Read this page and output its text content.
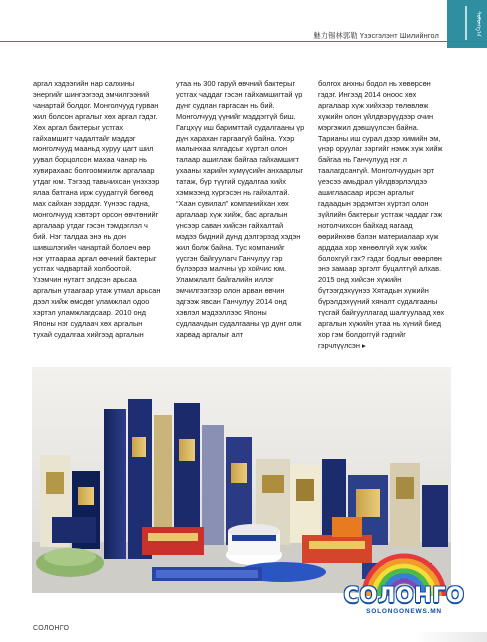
ᠰᠣᠯᠣᠩᠭ᠎ᠠ
魅力锡林郭勒 Үзэсгэлэнт Шилийнгол

аргал хэдээгийн нар салхины энергийг шингээгээд эмчилгээний чанартай болдог. Монголчууд гурван жил болсон аргалыг хөх аргал гэдэг. Хөх аргал бактерыг устгах гайхамшигт чадалтайг мэддэг монголчууд мааньд хуруу цагт шил уувал борцолсон махаа чанар нь хувирахаас болгоомжилж аргалаар утдаг юм. Тэгээд тавьчихсан үнэхээр ялаа батганa ирж суудаггүй бөгөөд мах сайхан ээрддэг. Үүнээс гадна, монголчууд хэвтэрт орсон өвчтөнийг аргалаар утдаг гэсэн тэмдэглэл ч бий. Нэг талдаа энэ нь дон шившлэгийн чанартай болоеч өөр нэг утгаараа аргал өөчний бактерыг устгах чадвартай холбоотой. Үзэмчин нутагт элдсэн арьсаа аргалын утаагаар утаж утмал арьсан дээл хийж өмсдөг уламжлал одоо хэртэл уламжлагдсаар. 2010 онд Японы нэг судлаач хөх аргалын тухай судалгаа хийгээд аргалын

утаа нь 300 гаруй өвчний бактерыг устгах чаддаг гэсэн гайхамшигтай үр дүнг судлан гаргасан нь бий. Монголчууд үүнийг мэддэггүй биш. Гагцхүү иш баримттай судалгааны үр дүн харахан гаргаагүй байна. Үхэр малынхаа ялгадсыг хүртэл олон талаар ашиглаж байгаа гайхамшигт ухааны харийн хүмүүсийн анхаарлыг татаж, бүр түүгий судалгаа хийх хэмжээнд хүргэсэн нь гайхалтай. “Хаан сувилал” компанийхан хөх аргалаар хүж хийж, бас аргалын үнсээр саван хийсэн гайхалтай мэдээ бидний дунд дэлгэрээд хэдэн жил болж байна. Тус компанийг үүсгэн байгуулагч Ганчулуу гэр бүлээрээ малчны үр хойчис юм. Уламжлалт байгалийн иллэг эмчилгээгээр олон арван өвчин эдгээж явсан Ганчулуу 2014 онд хэвлэл мэдээллээс Японы судлаачдын судалгааны үр дүнг олж харвад аргалыг алт

болгох анхны бодол нь хөвөрсөн гэдэг. Ингээд 2014 оноос хөх аргалаар хүж хийхээр төлөвлөж хүжийн олон үйлдвэрүүдээр очин мэргэжил дэвшүүлсэн байна. Тарианы иш сурал дээр химийн эм, үнэр оруулаг зэргийг нэмж хүж хийж байгаа нь Ганчулууд нэг л таалагдсангүй. Монголчуудын эрт үеэсээ амьдрал үйлдвэрлэлдээ ашиглаасаар ирсэн аргалыг гадаадын эрдэмтэн хүртэл олон зүйлийн бактерыг устгаж чаддаг гэж нотолчихсон байхад яагаад өөрийнхөө бэлэн материалаар хүж арддаа хор хөнөөлгүй хүж хийж болохгүй гэх? гэдэг бодлыг өөөрлөн энэ замаар эргэлт буцалтгүй алхав. 2015 онд хийсэн хүжийн бүтээгдэхүүнээ Хятадын хүжийн бүрэлдэхүүний хяналт судалгааны түсгай байгууллагад шалгуулаад хөх аргалын хүжийн утаа нь хүний биед хор гэм болдоггүй гэдгийг гэрчлүүлсэн ▸

СОЛОНГО
SOLONGONEWS.MN
СОЛОНГО
